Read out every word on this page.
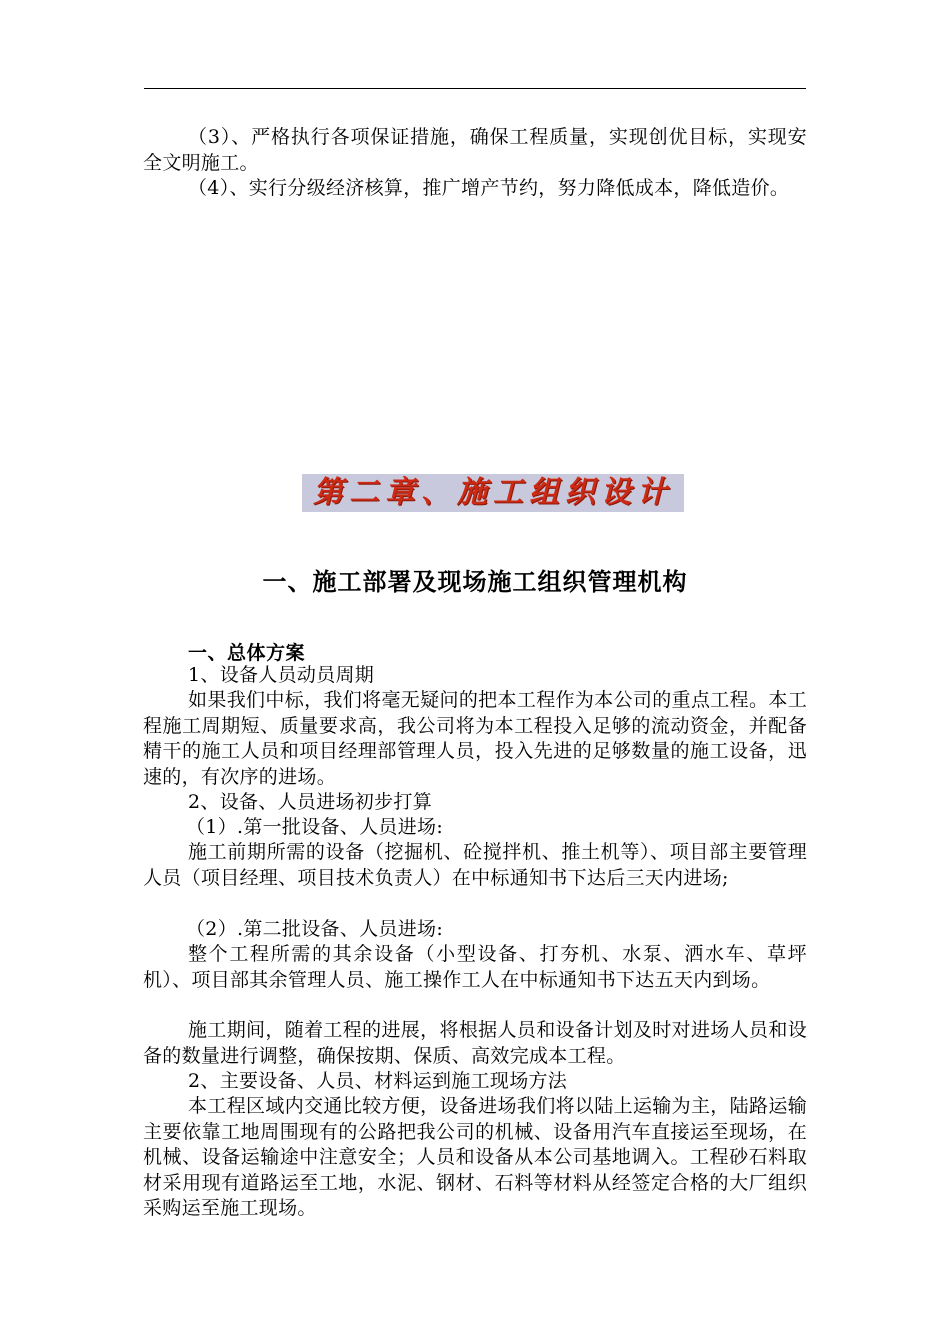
（3）、严格执行各项保证措施，确保工程质量，实现创优目标，实现安全文明施工。
（4）、实行分级经济核算，推广增产节约，努力降低成本，降低造价。
第二章、施工组织设计
一、施工部署及现场施工组织管理机构
一、总体方案
1、设备人员动员周期
如果我们中标，我们将毫无疑问的把本工程作为本公司的重点工程。本工程施工周期短、质量要求高，我公司将为本工程投入足够的流动资金，并配备精干的施工人员和项目经理部管理人员，投入先进的足够数量的施工设备，迅速的，有次序的进场。
2、设备、人员进场初步打算
（1）.第一批设备、人员进场:
施工前期所需的设备（挖掘机、砼搅拌机、推土机等）、项目部主要管理人员（项目经理、项目技术负责人）在中标通知书下达后三天内进场;
（2）.第二批设备、人员进场:
整个工程所需的其余设备（小型设备、打夯机、水泵、洒水车、草坪机）、项目部其余管理人员、施工操作工人在中标通知书下达五天内到场。
施工期间，随着工程的进展，将根据人员和设备计划及时对进场人员和设备的数量进行调整，确保按期、保质、高效完成本工程。
2、主要设备、人员、材料运到施工现场方法
本工程区域内交通比较方便，设备进场我们将以陆上运输为主，陆路运输主要依靠工地周围现有的公路把我公司的机械、设备用汽车直接运至现场，在机械、设备运输途中注意安全；人员和设备从本公司基地调入。工程砂石料取材采用现有道路运至工地，水泥、钢材、石料等材料从经签定合格的大厂组织采购运至施工现场。
